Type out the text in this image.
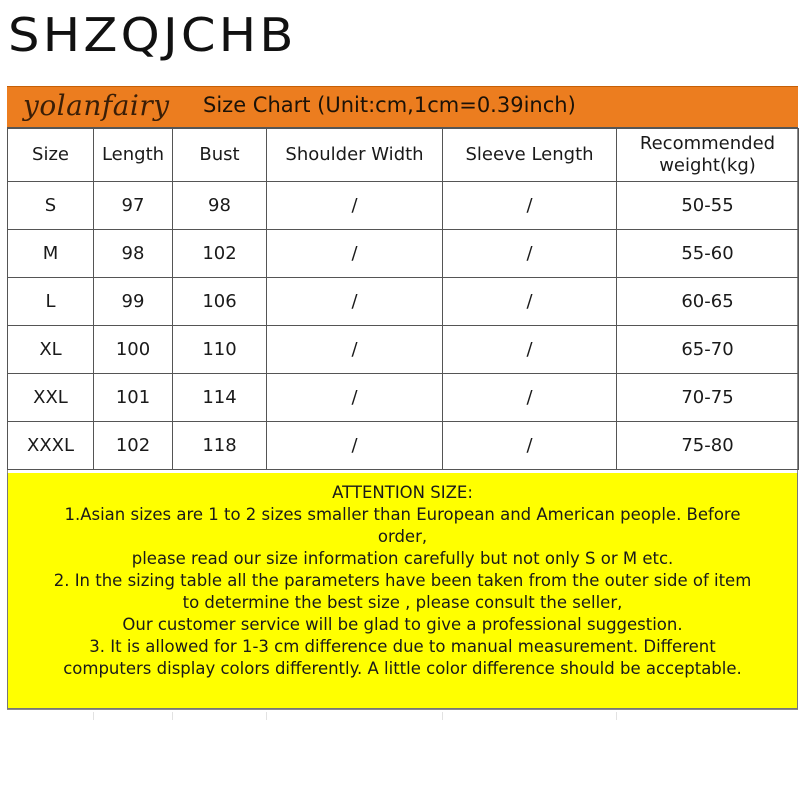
SHZQJCHB
yolanfairy Size Chart (Unit:cm,1cm=0.39inch)
Size	Length	Bust	Shoulder Width	Sleeve Length	Recommended weight(kg)
S	97	98	/	/	50-55
M	98	102	/	/	55-60
L	99	106	/	/	60-65
XL	100	110	/	/	65-70
XXL	101	114	/	/	70-75
XXXL	102	118	/	/	75-80
ATTENTION SIZE:
1.Asian sizes are 1 to 2 sizes smaller than European and American people. Before
order,
please read our size information carefully but not only S or M etc.
2. In the sizing table all the parameters have been taken from the outer side of item
to determine the best size , please consult the seller,
Our customer service will be glad to give a professional suggestion.
3. It is allowed for 1-3 cm difference due to manual measurement. Different
computers display colors differently. A little color difference should be acceptable.
